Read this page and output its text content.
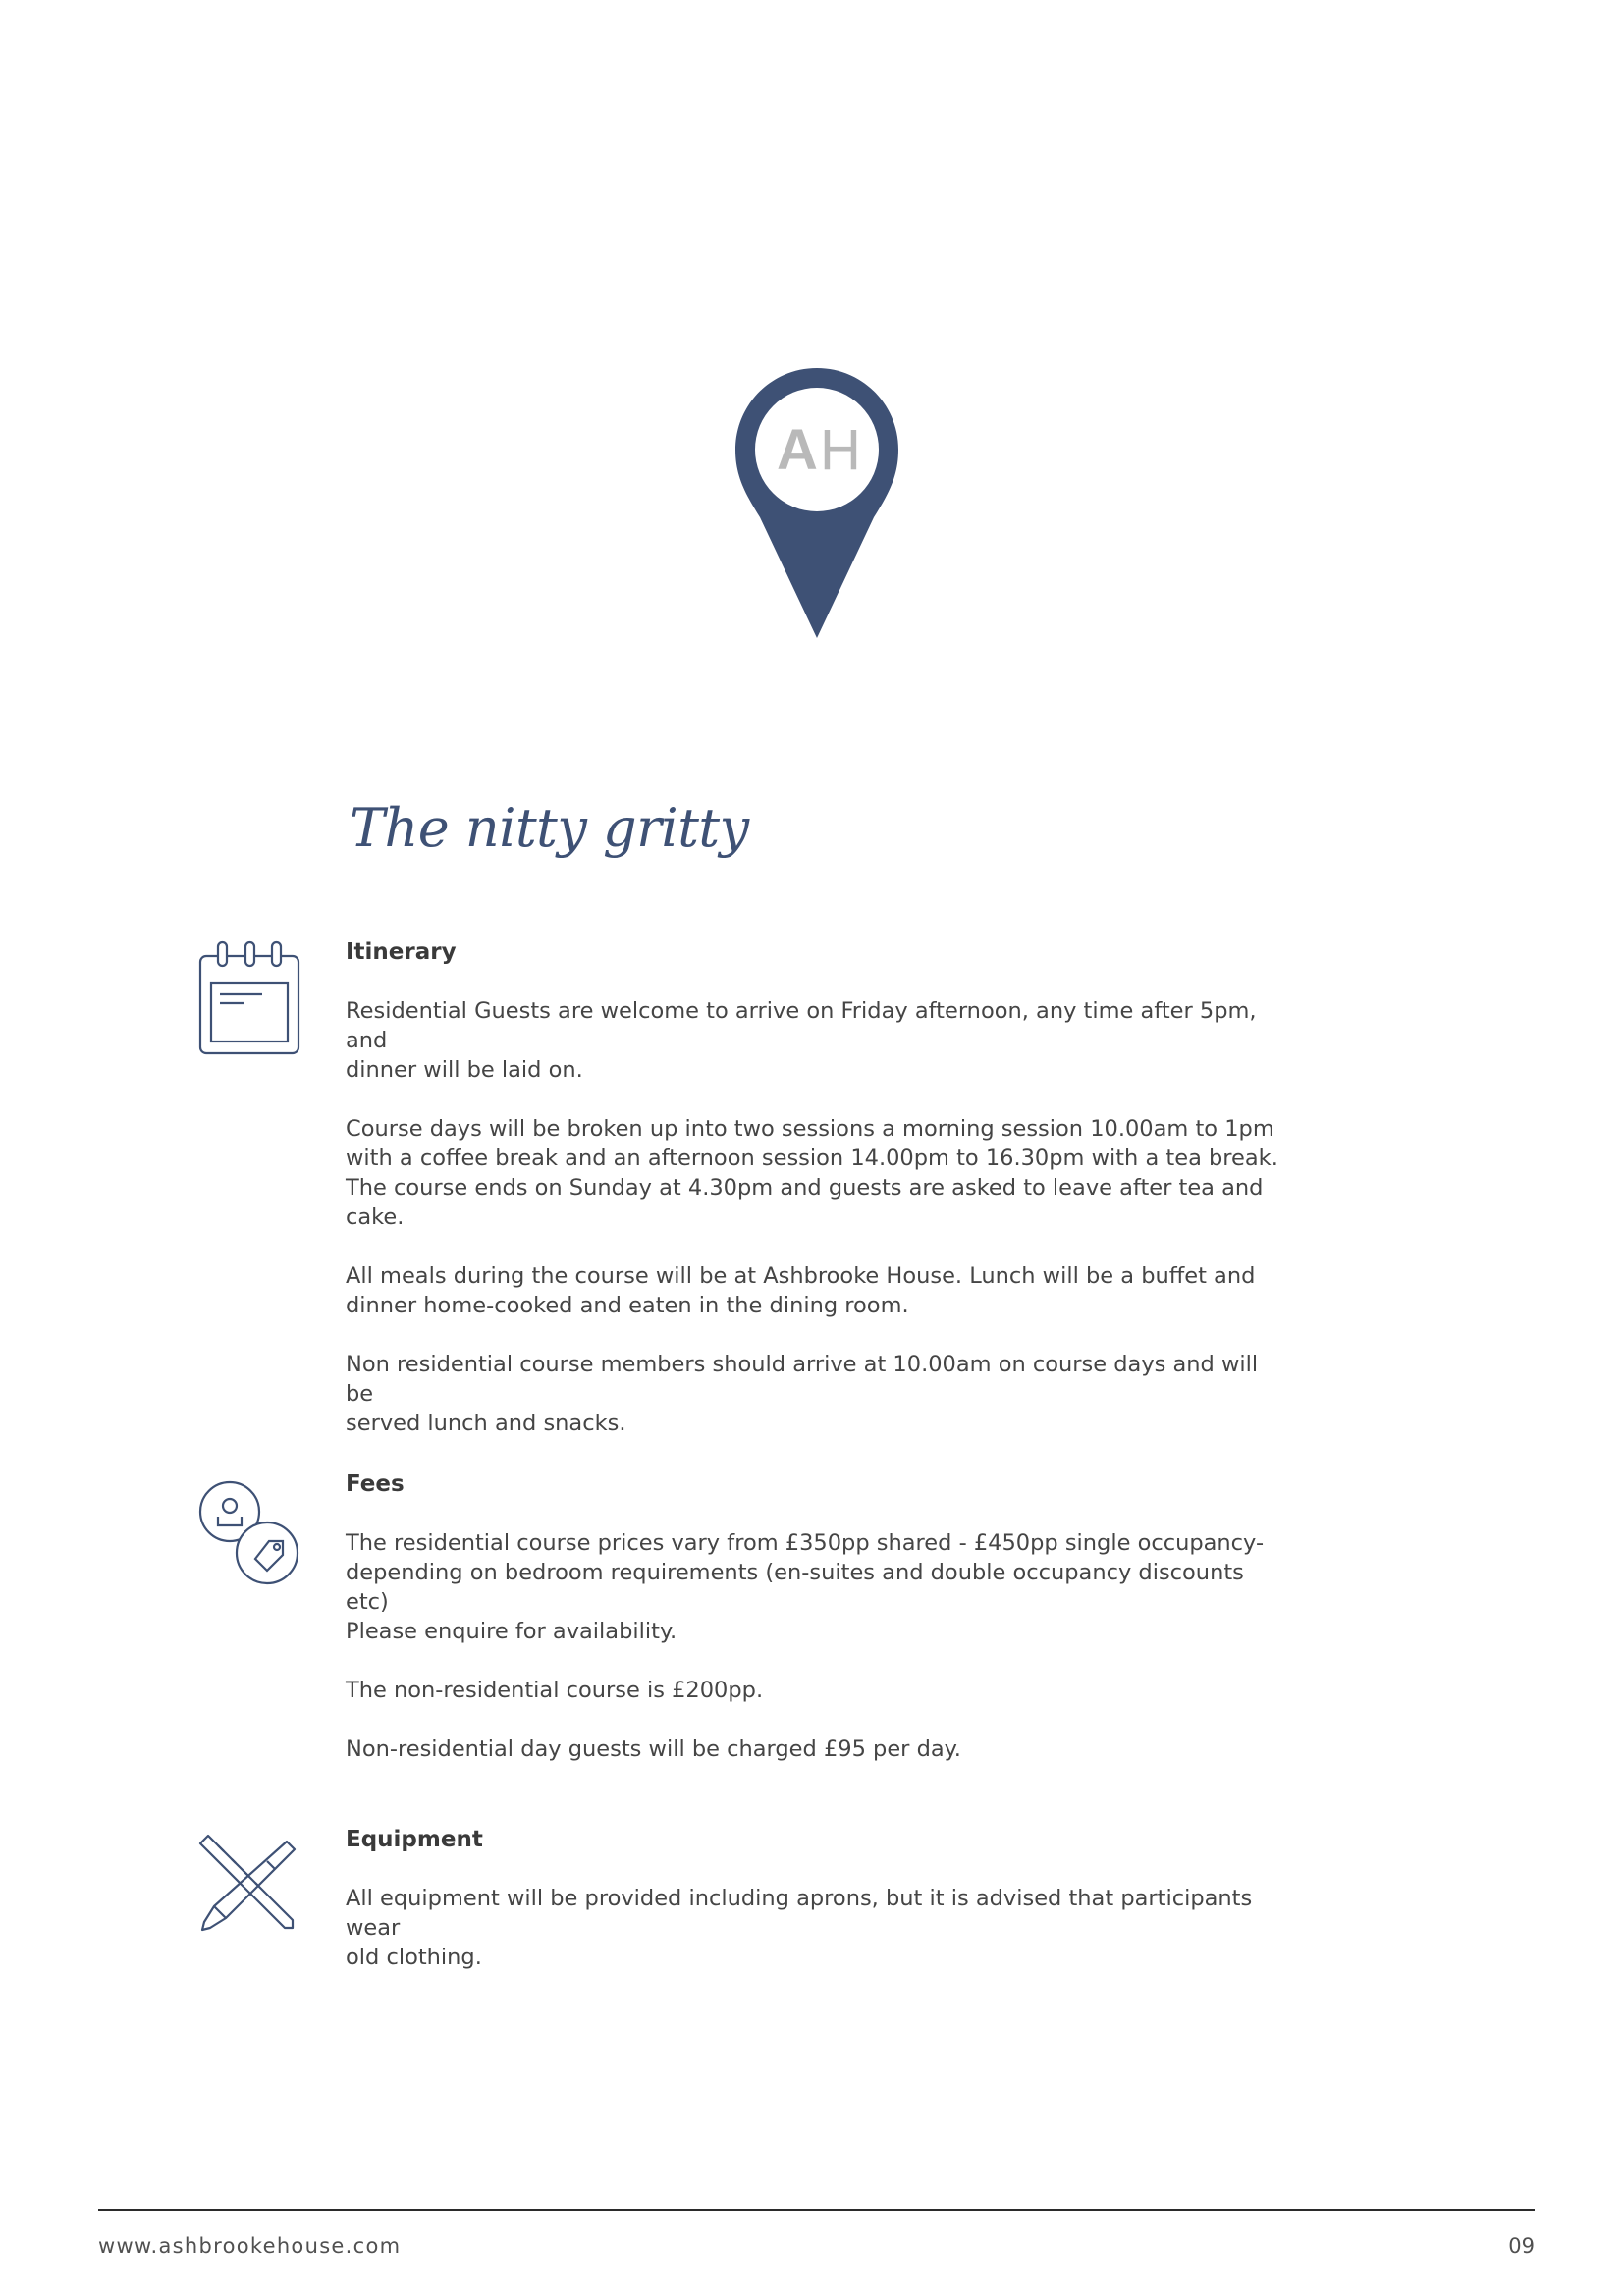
A H
The nitty gritty
Itinerary

Residential Guests are welcome to arrive on Friday afternoon, any time after 5pm, and
dinner will be laid on.

Course days will be broken up into two sessions a morning session 10.00am to 1pm
with a coffee break and an afternoon session 14.00pm to 16.30pm with a tea break.
The course ends on Sunday at 4.30pm and guests are asked to leave after tea and
cake.

All meals during the course will be at Ashbrooke House. Lunch will be a buffet and
dinner home-cooked and eaten in the dining room.

Non residential course members should arrive at 10.00am on course days and will be
served lunch and snacks.

Fees

The residential course prices vary from £350pp shared - £450pp single occupancy-
depending on bedroom requirements (en-suites and double occupancy discounts etc)
Please enquire for availability.

The non-residential course is £200pp.

Non-residential day guests will be charged £95 per day.

Equipment

All equipment will be provided including aprons, but it is advised that participants wear
old clothing.

www.ashbrookehouse.com	09
